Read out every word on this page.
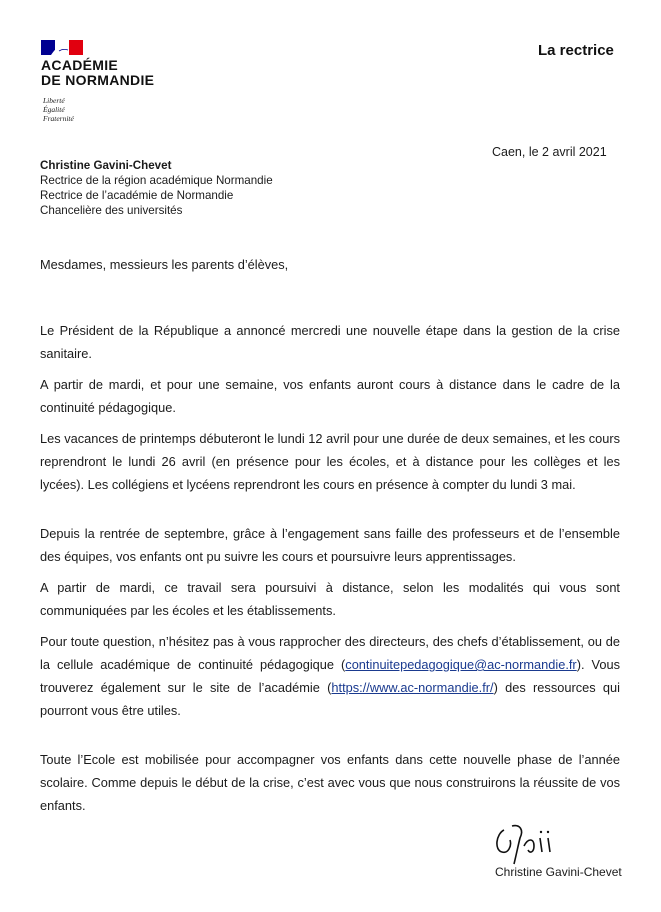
ACADÉMIE
DE NORMANDIE
Liberté
Égalité
Fraternité
La rectrice
Caen, le 2 avril 2021
Christine Gavini-Chevet
Rectrice de la région académique Normandie
Rectrice de l’académie de Normandie
Chancelière des universités
Mesdames, messieurs les parents d’élèves,
Le Président de la République a annoncé mercredi une nouvelle étape dans la gestion de la crise sanitaire.
A partir de mardi, et pour une semaine, vos enfants auront cours à distance dans le cadre de la continuité pédagogique.
Les vacances de printemps débuteront le lundi 12 avril pour une durée de deux semaines, et les cours reprendront le lundi 26 avril (en présence pour les écoles, et à distance pour les collèges et les lycées). Les collégiens et lycéens reprendront les cours en présence à compter du lundi 3 mai.
Depuis la rentrée de septembre, grâce à l’engagement sans faille des professeurs et de l’ensemble des équipes, vos enfants ont pu suivre les cours et poursuivre leurs apprentissages.
A partir de mardi, ce travail sera poursuivi à distance, selon les modalités qui vous sont communiquées par les écoles et les établissements.
Pour toute question, n’hésitez pas à vous rapprocher des directeurs, des chefs d’établissement, ou de la cellule académique de continuité pédagogique (continuitepedagogique@ac-normandie.fr). Vous trouverez également sur le site de l’académie (https://www.ac-normandie.fr/) des ressources qui pourront vous être utiles.
Toute l’Ecole est mobilisée pour accompagner vos enfants dans cette nouvelle phase de l’année scolaire. Comme depuis le début de la crise, c’est avec vous que nous construirons la réussite de vos enfants.
Christine Gavini-Chevet
